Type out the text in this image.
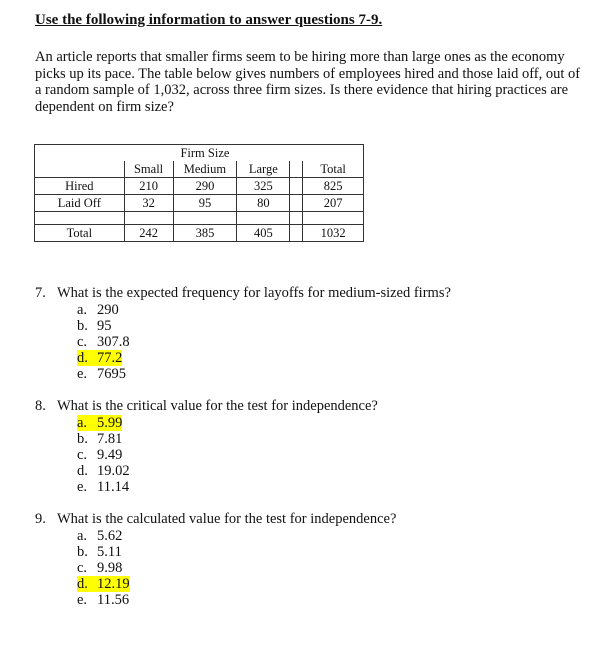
Use the following information to answer questions 7-9.
An article reports that smaller firms seem to be hiring more than large ones as the economy picks up its pace. The table below gives numbers of employees hired and those laid off, out of a random sample of 1,032, across three firm sizes. Is there evidence that hiring practices are dependent on firm size?
		Firm Size			
	Small	Medium	Large		Total
Hired	210	290	325		825
Laid Off	32	95	80		207

Total	242	385	405		1032
7. What is the expected frequency for layoffs for medium-sized firms?
a. 290
b. 95
c. 307.8
d. 77.2
e. 7695
8. What is the critical value for the test for independence?
a. 5.99
b. 7.81
c. 9.49
d. 19.02
e. 11.14
9. What is the calculated value for the test for independence?
a. 5.62
b. 5.11
c. 9.98
d. 12.19
e. 11.56
